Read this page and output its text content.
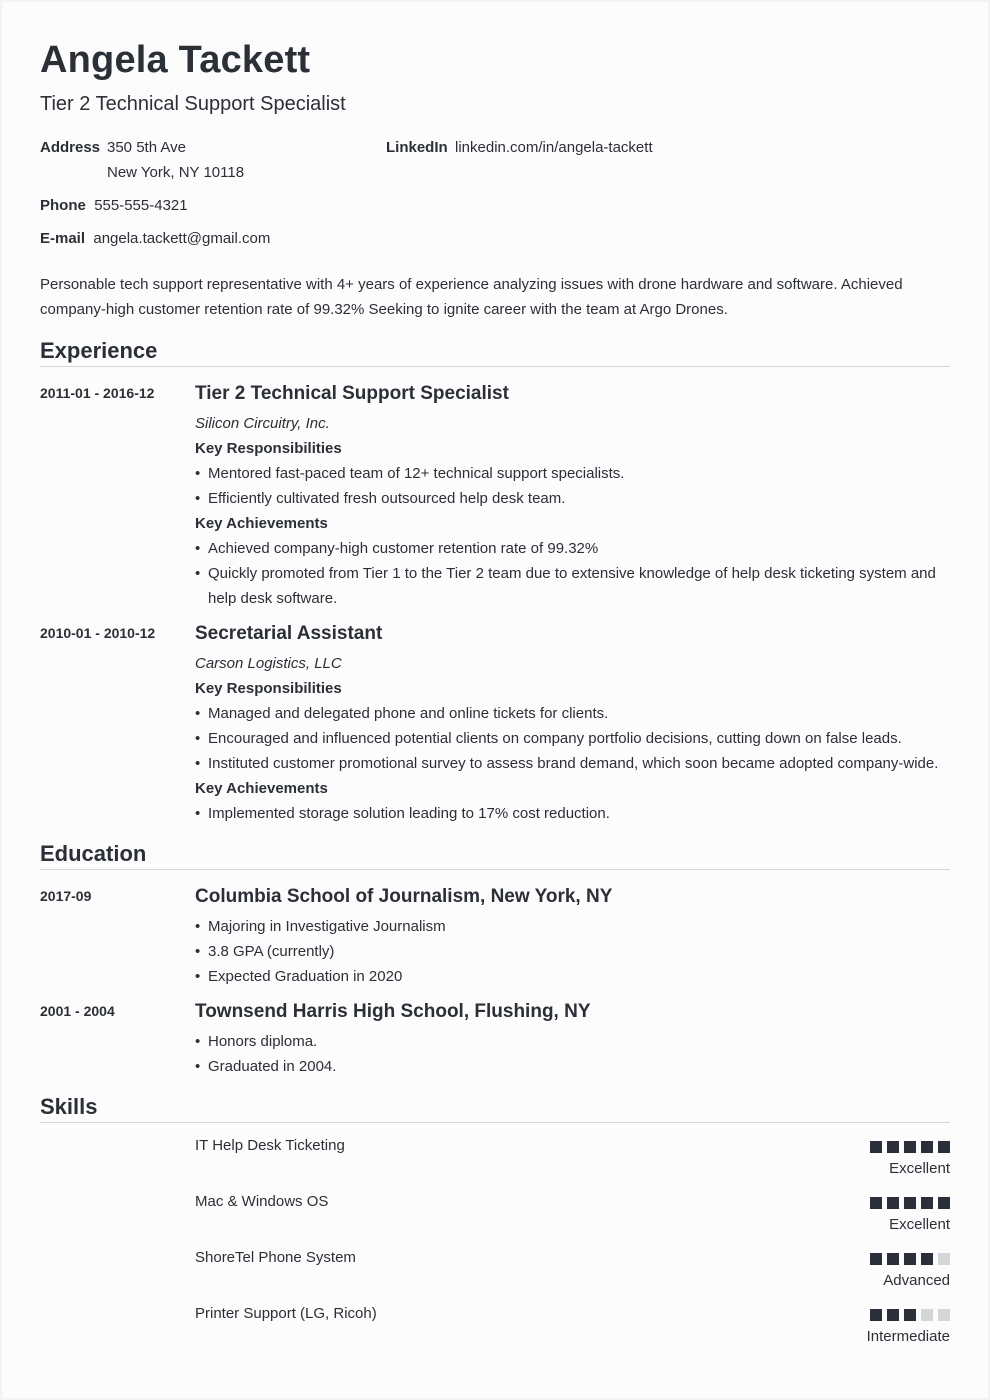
Angela Tackett
Tier 2 Technical Support Specialist
Address 350 5th Ave
New York, NY 10118
LinkedIn linkedin.com/in/angela-tackett
Phone 555-555-4321
E-mail angela.tackett@gmail.com
Personable tech support representative with 4+ years of experience analyzing issues with drone hardware and software. Achieved company-high customer retention rate of 99.32% Seeking to ignite career with the team at Argo Drones.
Experience
2011-01 - 2016-12 Tier 2 Technical Support Specialist
Silicon Circuitry, Inc.
Key Responsibilities
• Mentored fast-paced team of 12+ technical support specialists.
• Efficiently cultivated fresh outsourced help desk team.
Key Achievements
• Achieved company-high customer retention rate of 99.32%
• Quickly promoted from Tier 1 to the Tier 2 team due to extensive knowledge of help desk ticketing system and help desk software.
2010-01 - 2010-12 Secretarial Assistant
Carson Logistics, LLC
Key Responsibilities
• Managed and delegated phone and online tickets for clients.
• Encouraged and influenced potential clients on company portfolio decisions, cutting down on false leads.
• Instituted customer promotional survey to assess brand demand, which soon became adopted company-wide.
Key Achievements
• Implemented storage solution leading to 17% cost reduction.
Education
2017-09	Columbia School of Journalism, New York, NY
• Majoring in Investigative Journalism
• 3.8 GPA (currently)
• Expected Graduation in 2020
2001 - 2004	Townsend Harris High School, Flushing, NY
• Honors diploma.
• Graduated in 2004.
Skills
IT Help Desk Ticketing
Excellent
Mac & Windows OS
Excellent
ShoreTel Phone System
Advanced
Printer Support (LG, Ricoh)
Intermediate
